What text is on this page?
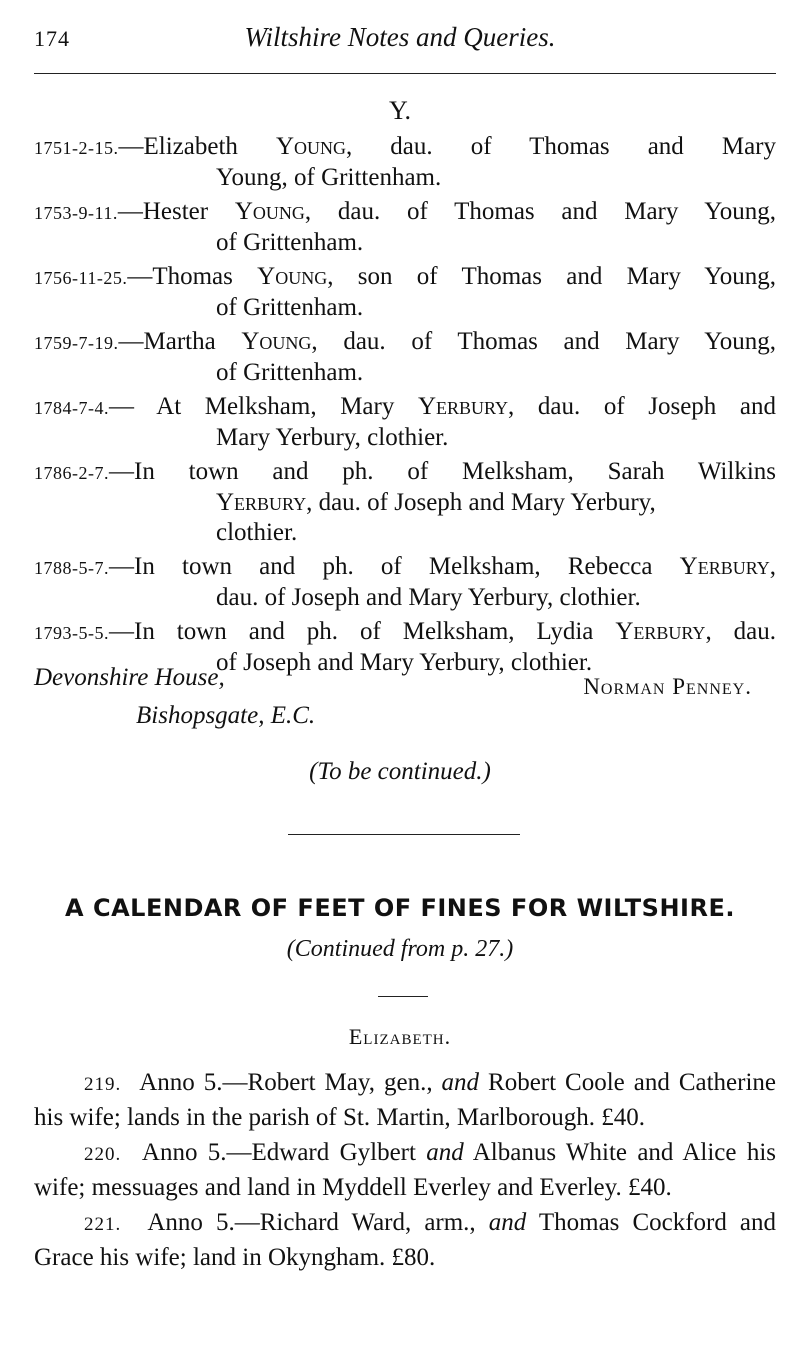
174	Wiltshire Notes and Queries.
Y.

1751-2-15.—Elizabeth Young, dau. of Thomas and Mary
Young, of Grittenham.

1753-9-11.—Hester Young, dau. of Thomas and Mary Young,
of Grittenham.

1756-11-25.—Thomas Young, son of Thomas and Mary Young,
of Grittenham.

1759-7-19.—Martha Young, dau. of Thomas and Mary Young,
of Grittenham.

1784-7-4.— At Melksham, Mary Yerbury, dau. of Joseph and
Mary Yerbury, clothier.

1786-2-7.—In town and ph. of Melksham, Sarah Wilkins
Yerbury, dau. of Joseph and Mary Yerbury,
clothier.

1788-5-7.—In town and ph. of Melksham, Rebecca Yerbury,
dau. of Joseph and Mary Yerbury, clothier.

1793-5-5.—In town and ph. of Melksham, Lydia Yerbury, dau.
of Joseph and Mary Yerbury, clothier.

Devonshire House,
Bishopsgate, E.C.
Norman Penney.
(To be continued.)
A CALENDAR OF FEET OF FINES FOR WILTSHIRE.
(Continued from p. 27.)
Elizabeth.

219. Anno 5.—Robert May, gen., and Robert Coole and Catherine his wife; lands in the parish of St. Martin, Marlborough. £40.

220. Anno 5.—Edward Gylbert and Albanus White and Alice his wife; messuages and land in Myddell Everley and Everley. £40.

221. Anno 5.—Richard Ward, arm., and Thomas Cockford and Grace his wife; land in Okyngham. £80.
